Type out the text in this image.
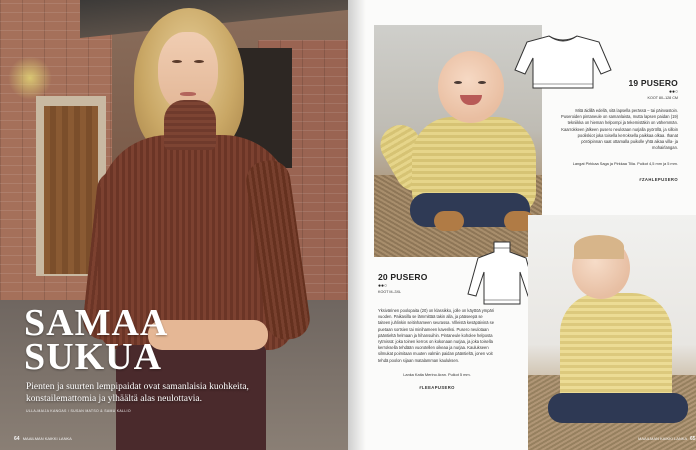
SAMAA
SUKUA

Pienten ja suurten lempipaidat ovat samanlaisia kuohkeita, konstailemattomia ja ylhäältä alas neulottavia.

ULLA-MAIJA KANGAS / SUSAN MATSO & SAMU KALLIO
64 MAAILMAN KAIKKI LANKA

19 PUSERO

●●○

KOOT 80–128 CM

Mitä äidillä edellä, sitä lapsella perässä – tai päinvastoin. Puseroiden pintaneule on samanlaista, mutta lapsen paidan (19) tekniikka on hieman helpompi ja tekemistäkin on vähemmän. Kaarrokkeen jälkeen pusero neulotaan nurjalla pyöröllä, ja silloin pooliskiot joka toisella kerroksella paikkaa olkaa. Ihanat pöröipinnan saat ottamalla puikolle yhtä aikaa villa- ja mohairlangan.

Langat Pirkkaa Saga ja Pirkkaa Tilia. Puikot 4,5 mm ja 5 mm.

#ZAHLEPUSERO

20 PUSERO

●●○

KOOT M–3XL

Yksivärinen poolopaita (20) on klassikko, jolle on käyttöä ympäri vuoden. Paikasilla se lämmittää takin alla, ja pääseepä se taiteen juhlinkin seitinhameen seurassa. Villeistä kesäpäivinä se puetaan sortsien tai minihameen kaveriksi. Pusero neulotaan pääntieltä helmaan ja hihansuihin. Pintaneule koholee helposta rytmissä: joka toinen kerros on kokonaan nurjaa, ja joka toisella kerroksella tehdään vuorotellen oikeaa ja nurjaa. Kaulukseen silmukat poimitaan muuten valmiin paidan pääntieltä, jonen voit tehdä poolon sijaan matalamman kauluksen.

Lanka Katia Merino Aran. Puikot 5 mm.

#LEEAPUSERO

MAAILMAN KAIKKI LANKA 65
